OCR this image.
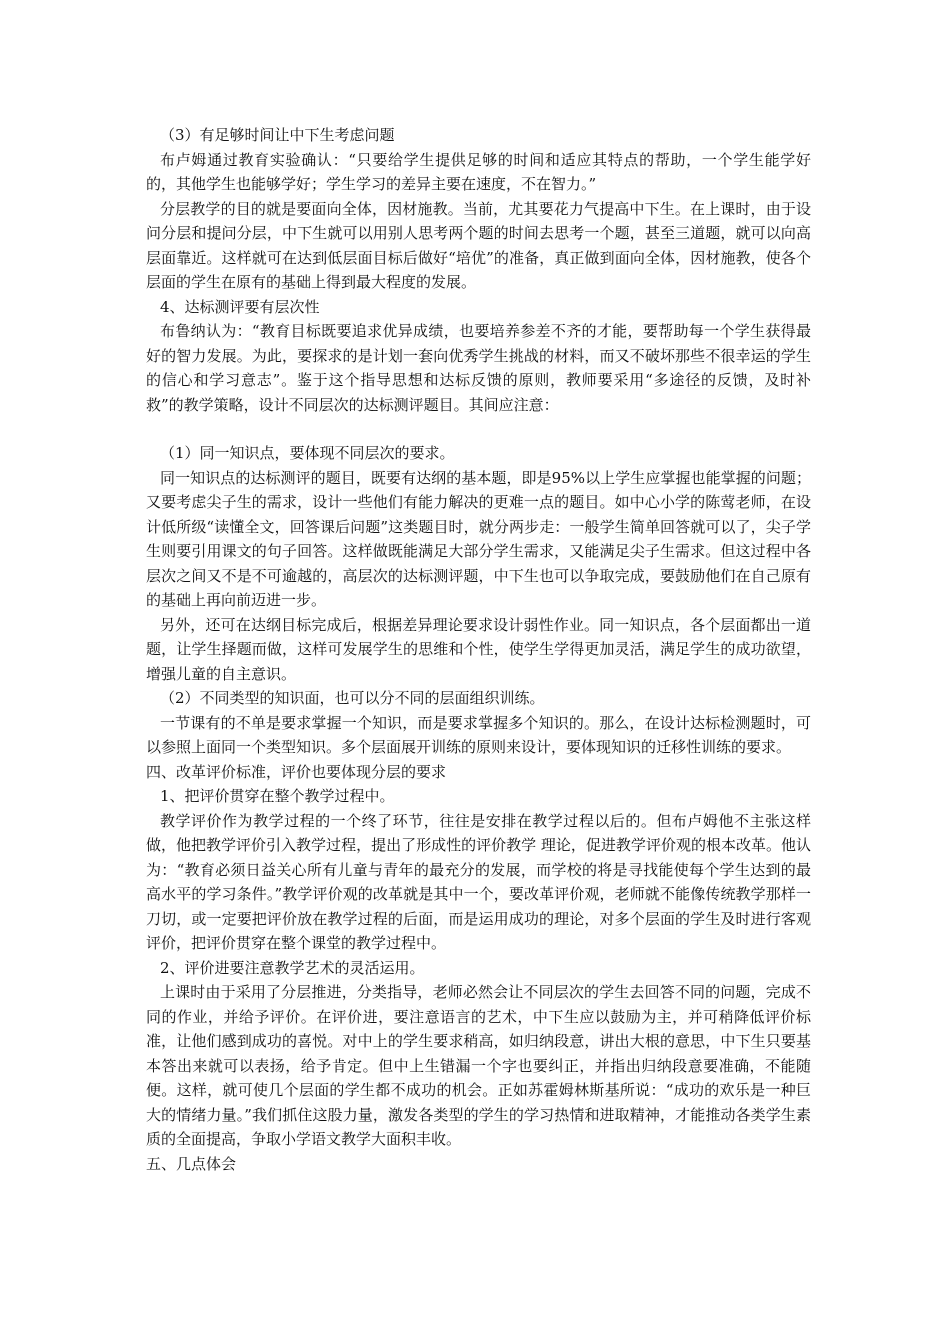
（3）有足够时间让中下生考虑问题

布卢姆通过教育实验确认：“只要给学生提供足够的时间和适应其特点的帮助，一个学生能学好的，其他学生也能够学好；学生学习的差异主要在速度，不在智力。”

分层教学的目的就是要面向全体，因材施教。当前，尤其要花力气提高中下生。在上课时，由于设问分层和提问分层，中下生就可以用别人思考两个题的时间去思考一个题，甚至三道题，就可以向高层面靠近。这样就可在达到低层面目标后做好“培优”的准备，真正做到面向全体，因材施教，使各个层面的学生在原有的基础上得到最大程度的发展。

4、达标测评要有层次性

布鲁纳认为：“教育目标既要追求优异成绩，也要培养参差不齐的才能，要帮助每一个学生获得最好的智力发展。为此，要探求的是计划一套向优秀学生挑战的材料，而又不破坏那些不很幸运的学生的信心和学习意志”。鉴于这个指导思想和达标反馈的原则，教师要采用“多途径的反馈，及时补救”的教学策略，设计不同层次的达标测评题目。其间应注意：

（1）同一知识点，要体现不同层次的要求。

同一知识点的达标测评的题目，既要有达纲的基本题，即是95%以上学生应掌握也能掌握的问题；又要考虑尖子生的需求，设计一些他们有能力解决的更难一点的题目。如中心小学的陈莺老师，在设计低所级“读懂全文，回答课后问题”这类题目时，就分两步走：一般学生简单回答就可以了，尖子学生则要引用课文的句子回答。这样做既能满足大部分学生需求，又能满足尖子生需求。但这过程中各层次之间又不是不可逾越的，高层次的达标测评题，中下生也可以争取完成，要鼓励他们在自己原有的基础上再向前迈进一步。

另外，还可在达纲目标完成后，根据差异理论要求设计弱性作业。同一知识点，各个层面都出一道题，让学生择题而做，这样可发展学生的思维和个性，使学生学得更加灵活，满足学生的成功欲望，增强儿童的自主意识。

（2）不同类型的知识面，也可以分不同的层面组织训练。

一节课有的不单是要求掌握一个知识，而是要求掌握多个知识的。那么，在设计达标检测题时，可以参照上面同一个类型知识。多个层面展开训练的原则来设计，要体现知识的迁移性训练的要求。

四、改革评价标准，评价也要体现分层的要求

1、把评价贯穿在整个教学过程中。

教学评价作为教学过程的一个终了环节，往往是安排在教学过程以后的。但布卢姆他不主张这样做，他把教学评价引入教学过程，提出了形成性的评价教学 理论，促进教学评价观的根本改革。他认为：“教育必须日益关心所有儿童与青年的最充分的发展，而学校的将是寻找能使每个学生达到的最高水平的学习条件。”教学评价观的改革就是其中一个，要改革评价观，老师就不能像传统教学那样一刀切，或一定要把评价放在教学过程的后面，而是运用成功的理论，对多个层面的学生及时进行客观评价，把评价贯穿在整个课堂的教学过程中。

2、评价进要注意教学艺术的灵活运用。

上课时由于采用了分层推进，分类指导，老师必然会让不同层次的学生去回答不同的问题，完成不同的作业，并给予评价。在评价进，要注意语言的艺术，中下生应以鼓励为主，并可稍降低评价标准，让他们感到成功的喜悦。对中上的学生要求稍高，如归纳段意，讲出大根的意思，中下生只要基本答出来就可以表扬，给予肯定。但中上生错漏一个字也要纠正，并指出归纳段意要准确，不能随便。这样，就可使几个层面的学生都不成功的机会。正如苏霍姆林斯基所说：“成功的欢乐是一种巨大的情绪力量。”我们抓住这股力量，激发各类型的学生的学习热情和进取精神，才能推动各类学生素质的全面提高，争取小学语文教学大面积丰收。

五、几点体会
